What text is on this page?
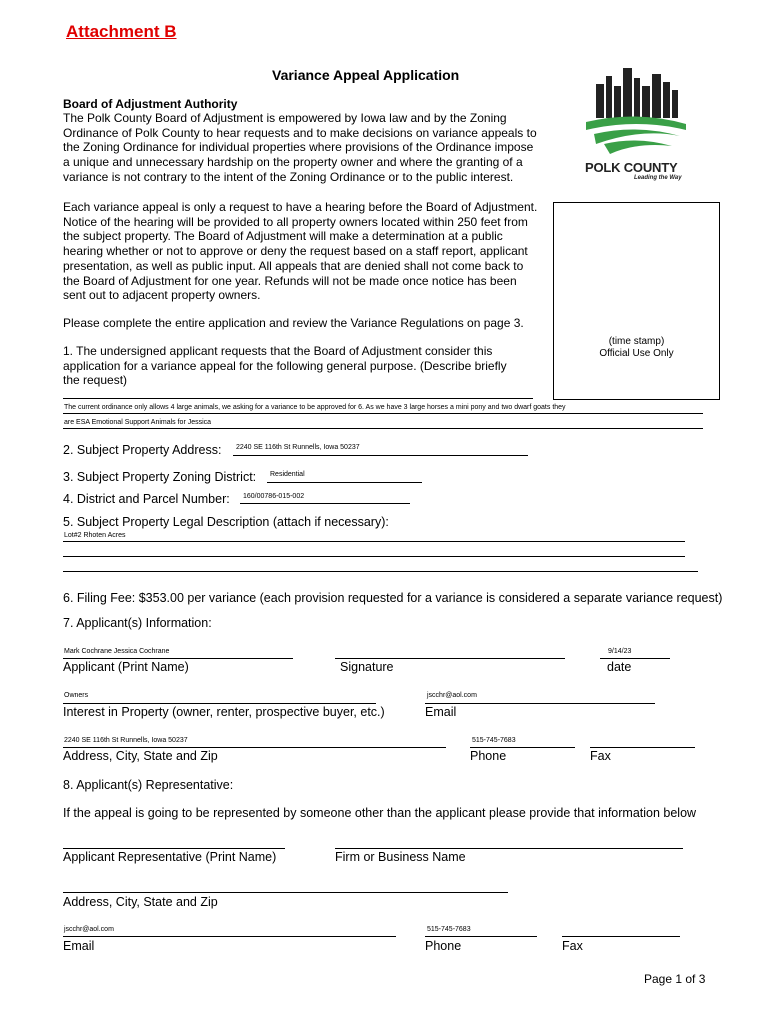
Attachment B
Variance Appeal Application
POLK COUNTY
Leading the Way
Board of Adjustment Authority
The Polk County Board of Adjustment is empowered by Iowa law and by the Zoning
Ordinance of Polk County to hear requests and to make decisions on variance appeals to
the Zoning Ordinance for individual properties where provisions of the Ordinance impose
a unique and unnecessary hardship on the property owner and where the granting of a
variance is not contrary to the intent of the Zoning Ordinance or to the public interest.
Each variance appeal is only a request to have a hearing before the Board of Adjustment.
Notice of the hearing will be provided to all property owners located within 250 feet from
the subject property. The Board of Adjustment will make a determination at a public
hearing whether or not to approve or deny the request based on a staff report, applicant
presentation, as well as public input. All appeals that are denied shall not come back to
the Board of Adjustment for one year. Refunds will not be made once notice has been
sent out to adjacent property owners.
Please complete the entire application and review the Variance Regulations on page 3.
(time stamp)
Official Use Only
1. The undersigned applicant requests that the Board of Adjustment consider this
application for a variance appeal for the following general purpose. (Describe briefly
the request)
The current ordinance only allows 4 large animals, we asking for a variance to be approved for 6. As we have 3 large horses a mini pony and two dwarf goats they
are ESA Emotional Support Animals for Jessica
2. Subject Property Address: 2240 SE 116th St Runnells, Iowa 50237
3. Subject Property Zoning District: Residential
4. District and Parcel Number: 160/00786-015-002
5. Subject Property Legal Description (attach if necessary):
Lot#2 Rhoten Acres
6. Filing Fee: $353.00 per variance (each provision requested for a variance is considered a separate variance request)
7. Applicant(s) Information:
Mark Cochrane Jessica Cochrane
Applicant (Print Name)	Signature
9/14/23
date
Owners
Interest in Property (owner, renter, prospective buyer, etc.)
jscchr@aol.com
Email
2240 SE 116th St Runnells, Iowa 50237
Address, City, State and Zip
515-745-7683
Phone	Fax
8. Applicant(s) Representative:
If the appeal is going to be represented by someone other than the applicant please provide that information below
Applicant Representative (Print Name)	Firm or Business Name
Address, City, State and Zip
jscchr@aol.com
Email
515-745-7683
Phone	Fax
Page 1 of 3
